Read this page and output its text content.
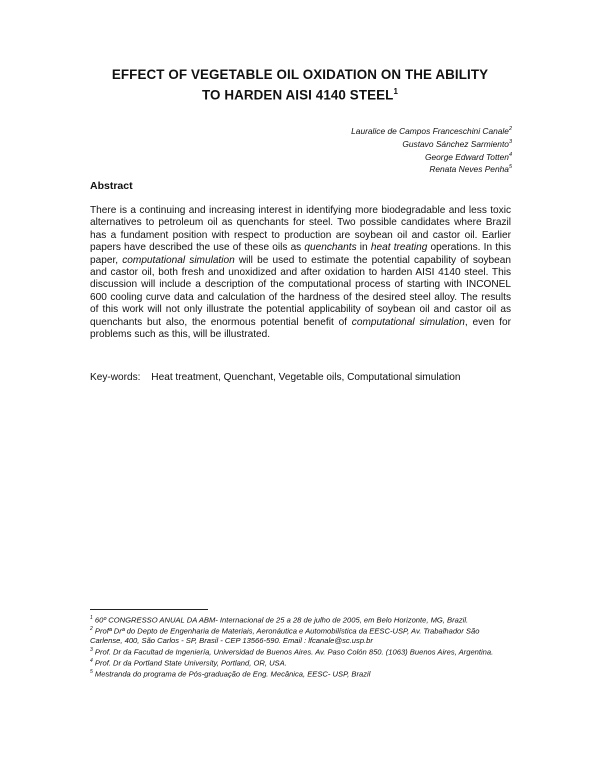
EFFECT OF VEGETABLE OIL OXIDATION ON THE ABILITY
TO HARDEN AISI 4140 STEEL$^1$
Lauralice de Campos Franceschini Canale$^2$
Gustavo Sánchez Sarmiento$^3$
George Edward Totten$^4$
Renata Neves Penha$^5$
Abstract
There is a continuing and increasing interest in identifying more biodegradable and less toxic alternatives to petroleum oil as quenchants for steel. Two possible candidates where Brazil has a fundament position with respect to production are soybean oil and castor oil. Earlier papers have described the use of these oils as quenchants in heat treating operations. In this paper, computational simulation will be used to estimate the potential capability of soybean and castor oil, both fresh and unoxidized and after oxidation to harden AISI 4140 steel. This discussion will include a description of the computational process of starting with INCONEL 600 cooling curve data and calculation of the hardness of the desired steel alloy. The results of this work will not only illustrate the potential applicability of soybean oil and castor oil as quenchants but also, the enormous potential benefit of computational simulation, even for problems such as this, will be illustrated.
Key-words: Heat treatment, Quenchant, Vegetable oils, Computational simulation
$^1$ 60º CONGRESSO ANUAL DA ABM- Internacional de 25 a 28 de julho de 2005, em Belo Horizonte, MG, Brazil.
$^2$ Profª Drª do Depto de Engenharia de Materiais, Aeronáutica e Automobilística da EESC-USP, Av. Trabalhador São Carlense, 400, São Carlos - SP, Brasil - CEP 13566-590. Email : lfcanale@sc.usp.br
$^3$ Prof. Dr da Facultad de Ingeniería, Universidad de Buenos Aires. Av. Paso Colón 850. (1063) Buenos Aires, Argentina.
$^4$ Prof. Dr da Portland State University, Portland, OR, USA.
$^5$ Mestranda do programa de Pós-graduação de Eng. Mecânica, EESC- USP, Brazil
